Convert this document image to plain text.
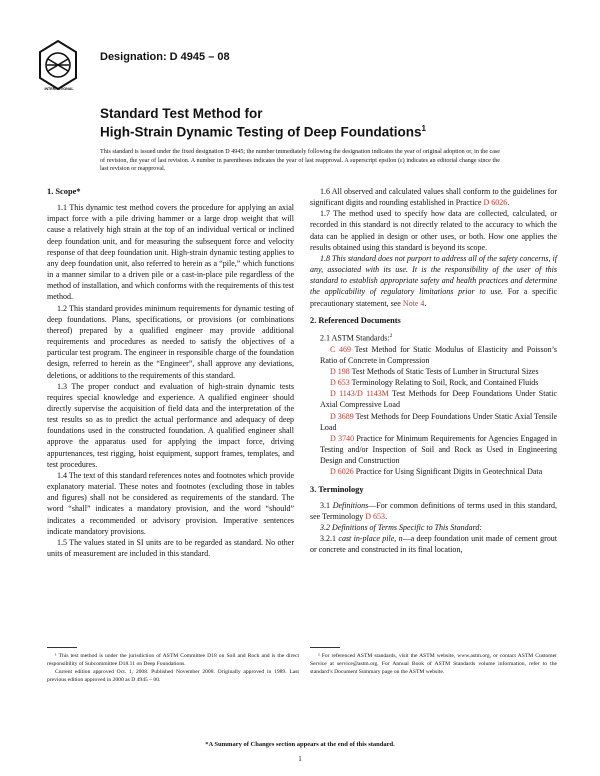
INTERNATIONAL
Designation: D 4945 – 08
Standard Test Method for
High-Strain Dynamic Testing of Deep Foundations$^1$
This standard is issued under the fixed designation D 4945; the number immediately following the designation indicates the year of original adoption or, in the case of revision, the year of last revision. A number in parentheses indicates the year of last reapproval. A superscript epsilon (ε) indicates an editorial change since the last revision or reapproval.
1. Scope*

1.1 This dynamic test method covers the procedure for applying an axial impact force with a pile driving hammer or a large drop weight that will cause a relatively high strain at the top of an individual vertical or inclined deep foundation unit, and for measuring the subsequent force and velocity response of that deep foundation unit. High-strain dynamic testing applies to any deep foundation unit, also referred to herein as a “pile,” which functions in a manner similar to a driven pile or a cast-in-place pile regardless of the method of installation, and which conforms with the requirements of this test method.

1.2 This standard provides minimum requirements for dynamic testing of deep foundations. Plans, specifications, or provisions (or combinations thereof) prepared by a qualified engineer may provide additional requirements and procedures as needed to satisfy the objectives of a particular test program. The engineer in responsible charge of the foundation design, referred to herein as the “Engineer”, shall approve any deviations, deletions, or additions to the requirements of this standard.

1.3 The proper conduct and evaluation of high-strain dynamic tests requires special knowledge and experience. A qualified engineer should directly supervise the acquisition of field data and the interpretation of the test results so as to predict the actual performance and adequacy of deep foundations used in the constructed foundation. A qualified engineer shall approve the apparatus used for applying the impact force, driving appurtenances, test rigging, hoist equipment, support frames, templates, and test procedures.

1.4 The text of this standard references notes and footnotes which provide explanatory material. These notes and footnotes (excluding those in tables and figures) shall not be considered as requirements of the standard. The word “shall” indicates a mandatory provision, and the word “should” indicates a recommended or advisory provision. Imperative sentences indicate mandatory provisions.

1.5 The values stated in SI units are to be regarded as standard. No other units of measurement are included in this standard.

1.6 All observed and calculated values shall conform to the guidelines for significant digits and rounding established in Practice D 6026.

1.7 The method used to specify how data are collected, calculated, or recorded in this standard is not directly related to the accuracy to which the data can be applied in design or other uses, or both. How one applies the results obtained using this standard is beyond its scope.

1.8 This standard does not purport to address all of the safety concerns, if any, associated with its use. It is the responsibility of the user of this standard to establish appropriate safety and health practices and determine the applicability of regulatory limitations prior to use. For a specific precautionary statement, see Note 4.

2. Referenced Documents

2.1 ASTM Standards:$^2$

C 469 Test Method for Static Modulus of Elasticity and Poisson’s Ratio of Concrete in Compression

D 198 Test Methods of Static Tests of Lumber in Structural Sizes

D 653 Terminology Relating to Soil, Rock, and Contained Fluids

D 1143/D 1143M Test Methods for Deep Foundations Under Static Axial Compressive Load

D 3689 Test Methods for Deep Foundations Under Static Axial Tensile Load

D 3740 Practice for Minimum Requirements for Agencies Engaged in Testing and/or Inspection of Soil and Rock as Used in Engineering Design and Construction

D 6026 Practice for Using Significant Digits in Geotechnical Data

3. Terminology

3.1 Definitions—For common definitions of terms used in this standard, see Terminology D 653.

3.2 Definitions of Terms Specific to This Standard:

3.2.1 cast in-place pile, n—a deep foundation unit made of cement grout or concrete and constructed in its final location,

¹ This test method is under the jurisdiction of ASTM Committee D18 on Soil and Rock and is the direct responsibility of Subcommittee D18.11 on Deep Foundations.

Current edition approved Oct. 1, 2008. Published November 2008. Originally approved in 1989. Last previous edition approved in 2000 as D 4945 – 00.

² For referenced ASTM standards, visit the ASTM website, www.astm.org, or contact ASTM Customer Service at service@astm.org. For Annual Book of ASTM Standards volume information, refer to the standard’s Document Summary page on the ASTM website.

*A Summary of Changes section appears at the end of this standard.
1
